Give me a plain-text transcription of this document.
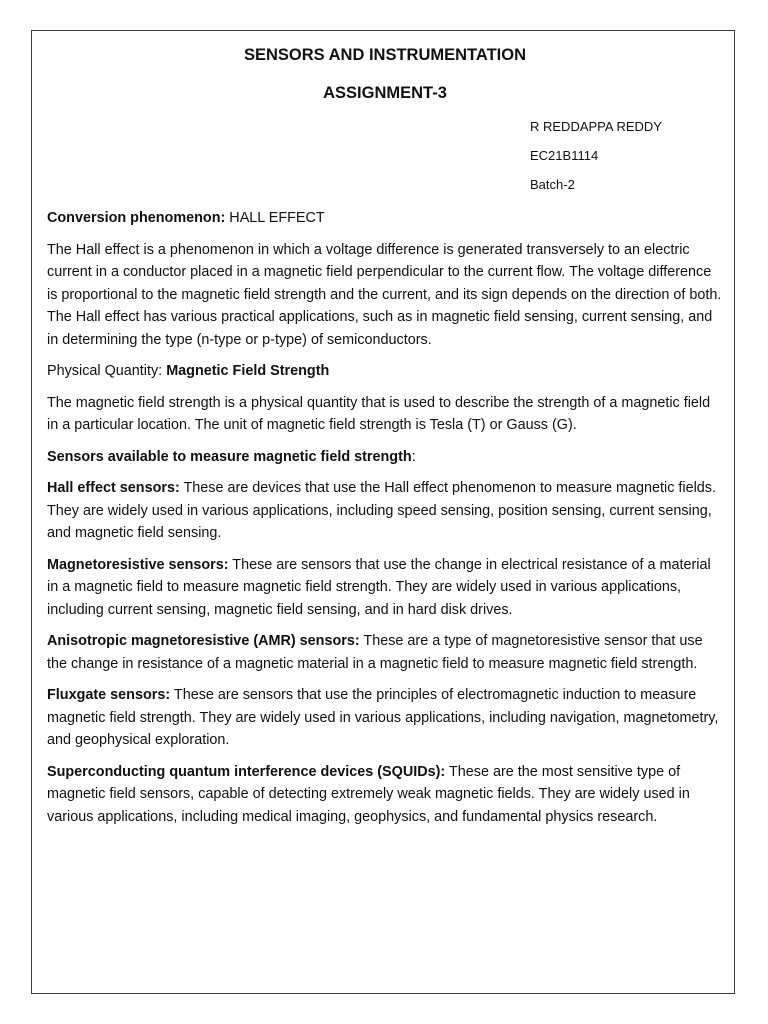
SENSORS AND INSTRUMENTATION
ASSIGNMENT-3
R REDDAPPA REDDY
EC21B1114
Batch-2

Conversion phenomenon: HALL EFFECT

The Hall effect is a phenomenon in which a voltage difference is generated transversely to an electric current in a conductor placed in a magnetic field perpendicular to the current flow. The voltage difference is proportional to the magnetic field strength and the current, and its sign depends on the direction of both. The Hall effect has various practical applications, such as in magnetic field sensing, current sensing, and in determining the type (n-type or p-type) of semiconductors.

Physical Quantity: Magnetic Field Strength

The magnetic field strength is a physical quantity that is used to describe the strength of a magnetic field in a particular location. The unit of magnetic field strength is Tesla (T) or Gauss (G).

Sensors available to measure magnetic field strength:

Hall effect sensors: These are devices that use the Hall effect phenomenon to measure magnetic fields. They are widely used in various applications, including speed sensing, position sensing, current sensing, and magnetic field sensing.

Magnetoresistive sensors: These are sensors that use the change in electrical resistance of a material in a magnetic field to measure magnetic field strength. They are widely used in various applications, including current sensing, magnetic field sensing, and in hard disk drives.

Anisotropic magnetoresistive (AMR) sensors: These are a type of magnetoresistive sensor that use the change in resistance of a magnetic material in a magnetic field to measure magnetic field strength.

Fluxgate sensors: These are sensors that use the principles of electromagnetic induction to measure magnetic field strength. They are widely used in various applications, including navigation, magnetometry, and geophysical exploration.

Superconducting quantum interference devices (SQUIDs): These are the most sensitive type of magnetic field sensors, capable of detecting extremely weak magnetic fields. They are widely used in various applications, including medical imaging, geophysics, and fundamental physics research.
